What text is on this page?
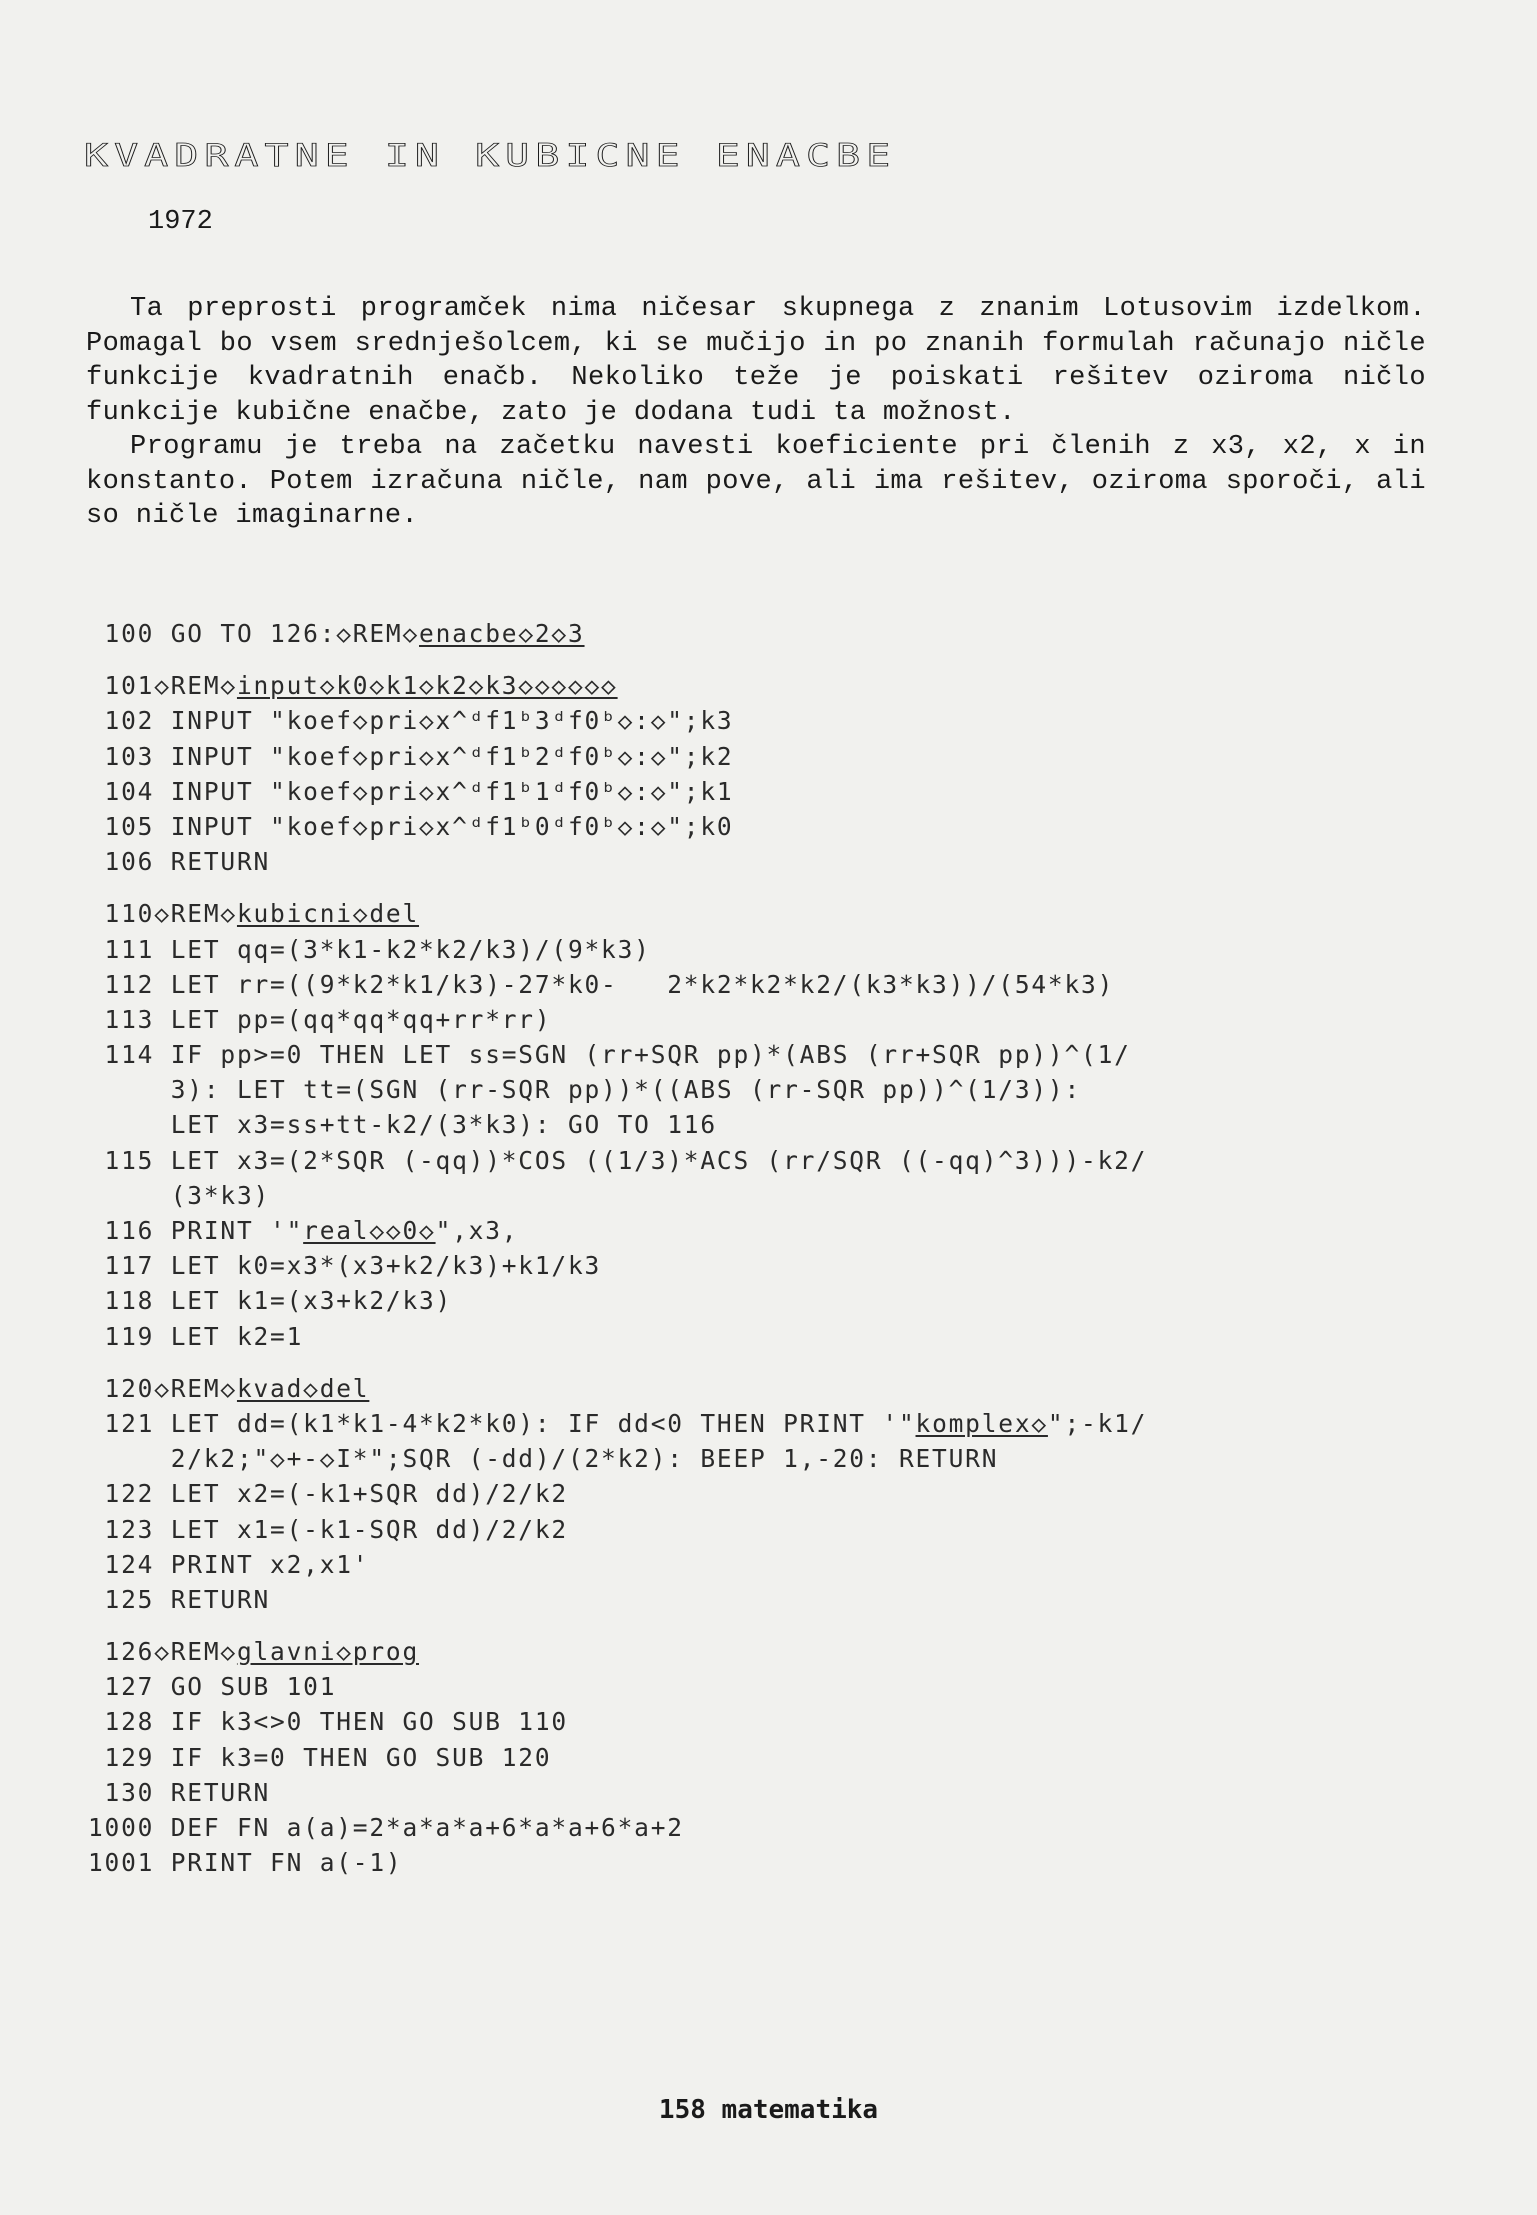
KVADRATNE IN KUBICNE ENACBE
1972

Ta preprosti programček nima ničesar skupnega z znanim Lotusovim izdelkom. Pomagal bo vsem srednješolcem, ki se mučijo in po znanih formulah računajo ničle funkcije kvadratnih enačb. Nekoliko teže je poiskati rešitev oziroma ničlo funkcije kubične enačbe, zato je dodana tudi ta možnost.

Programu je treba na začetku navesti koeficiente pri členih z x3, x2, x in konstanto. Potem izračuna ničle, nam pove, ali ima rešitev, oziroma sporoči, ali so ničle imaginarne.

100 GO TO 126:◇REM◇enacbe◇2◇3
101◇REM◇input◇k0◇k1◇k2◇k3◇◇◇◇◇◇
102 INPUT "koef◇pri◇x^ᵈf1ᵇ3ᵈf0ᵇ◇:◇";k3
103 INPUT "koef◇pri◇x^ᵈf1ᵇ2ᵈf0ᵇ◇:◇";k2
104 INPUT "koef◇pri◇x^ᵈf1ᵇ1ᵈf0ᵇ◇:◇";k1
105 INPUT "koef◇pri◇x^ᵈf1ᵇ0ᵈf0ᵇ◇:◇";k0
106 RETURN
110◇REM◇kubicni◇del
111 LET qq=(3*k1-k2*k2/k3)/(9*k3)
112 LET rr=((9*k2*k1/k3)-27*k0-   2*k2*k2*k2/(k3*k3))/(54*k3)
113 LET pp=(qq*qq*qq+rr*rr)
114 IF pp>=0 THEN LET ss=SGN (rr+SQR pp)*(ABS (rr+SQR pp))^(1/
3): LET tt=(SGN (rr-SQR pp))*((ABS (rr-SQR pp))^(1/3)):
LET x3=ss+tt-k2/(3*k3): GO TO 116
115 LET x3=(2*SQR (-qq))*COS ((1/3)*ACS (rr/SQR ((-qq)^3)))-k2/
(3*k3)
116 PRINT '"real◇◇0◇",x3,
117 LET k0=x3*(x3+k2/k3)+k1/k3
118 LET k1=(x3+k2/k3)
119 LET k2=1
120◇REM◇kvad◇del
121 LET dd=(k1*k1-4*k2*k0): IF dd<0 THEN PRINT '"komplex◇";-k1/
2/k2;"◇+-◇I*";SQR (-dd)/(2*k2): BEEP 1,-20: RETURN
122 LET x2=(-k1+SQR dd)/2/k2
123 LET x1=(-k1-SQR dd)/2/k2
124 PRINT x2,x1'
125 RETURN
126◇REM◇glavni◇prog
127 GO SUB 101
128 IF k3<>0 THEN GO SUB 110
129 IF k3=0 THEN GO SUB 120
130 RETURN
1000 DEF FN a(a)=2*a*a*a+6*a*a+6*a+2
1001 PRINT FN a(-1)
158 matematika
